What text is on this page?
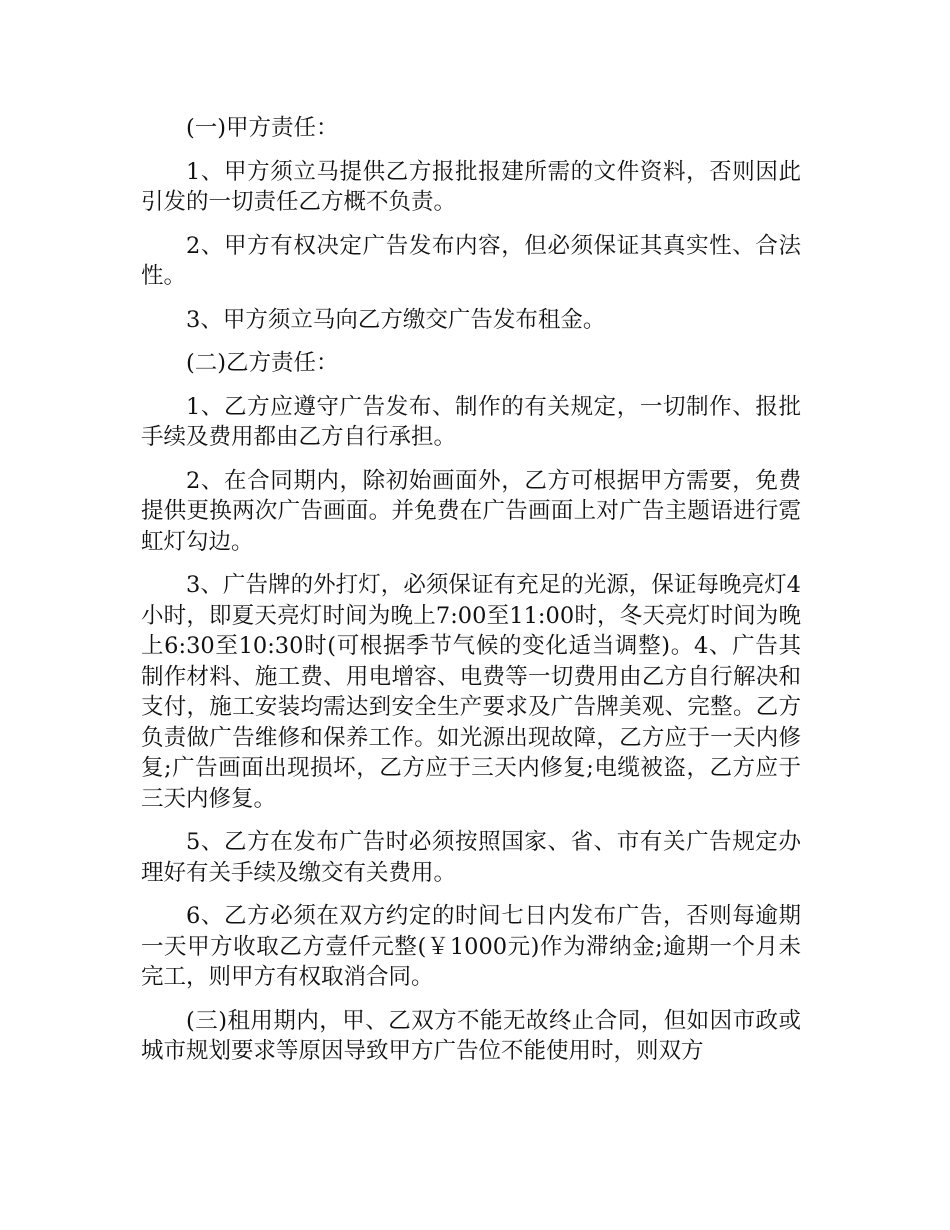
(一)甲方责任：

1、甲方须立马提供乙方报批报建所需的文件资料，否则因此引发的一切责任乙方概不负责。

2、甲方有权决定广告发布内容，但必须保证其真实性、合法性。

3、甲方须立马向乙方缴交广告发布租金。

(二)乙方责任：

1、乙方应遵守广告发布、制作的有关规定，一切制作、报批手续及费用都由乙方自行承担。

2、在合同期内，除初始画面外，乙方可根据甲方需要，免费提供更换两次广告画面。并免费在广告画面上对广告主题语进行霓虹灯勾边。

3、广告牌的外打灯，必须保证有充足的光源，保证每晚亮灯4小时，即夏天亮灯时间为晚上7:00至11:00时，冬天亮灯时间为晚上6:30至10:30时(可根据季节气候的变化适当调整)。4、广告其制作材料、施工费、用电增容、电费等一切费用由乙方自行解决和支付，施工安装均需达到安全生产要求及广告牌美观、完整。乙方负责做广告维修和保养工作。如光源出现故障，乙方应于一天内修复;广告画面出现损坏，乙方应于三天内修复;电缆被盗，乙方应于三天内修复。

5、乙方在发布广告时必须按照国家、省、市有关广告规定办理好有关手续及缴交有关费用。

6、乙方必须在双方约定的时间七日内发布广告，否则每逾期一天甲方收取乙方壹仟元整(￥1000元)作为滞纳金;逾期一个月未完工，则甲方有权取消合同。

(三)租用期内，甲、乙双方不能无故终止合同，但如因市政或城市规划要求等原因导致甲方广告位不能使用时，则双方
